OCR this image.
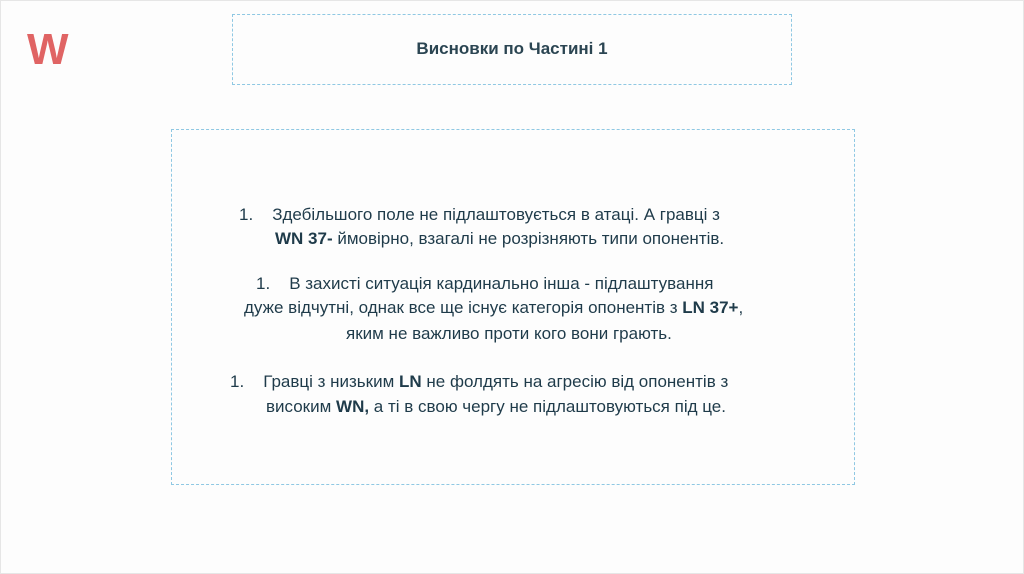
W	Висновки по Частині 1
1. Здебільшого поле не підлаштовується в атаці. А гравці з
WN 37- ймовірно, взагалі не розрізняють типи опонентів.
1. В захисті ситуація кардинально інша - підлаштування
дуже відчутні, однак все ще існує категорія опонентів з LN 37+,
яким не важливо проти кого вони грають.
1. Гравці з низьким LN не фолдять на агресію від опонентів з
високим WN, а ті в свою чергу не підлаштовуються під це.
